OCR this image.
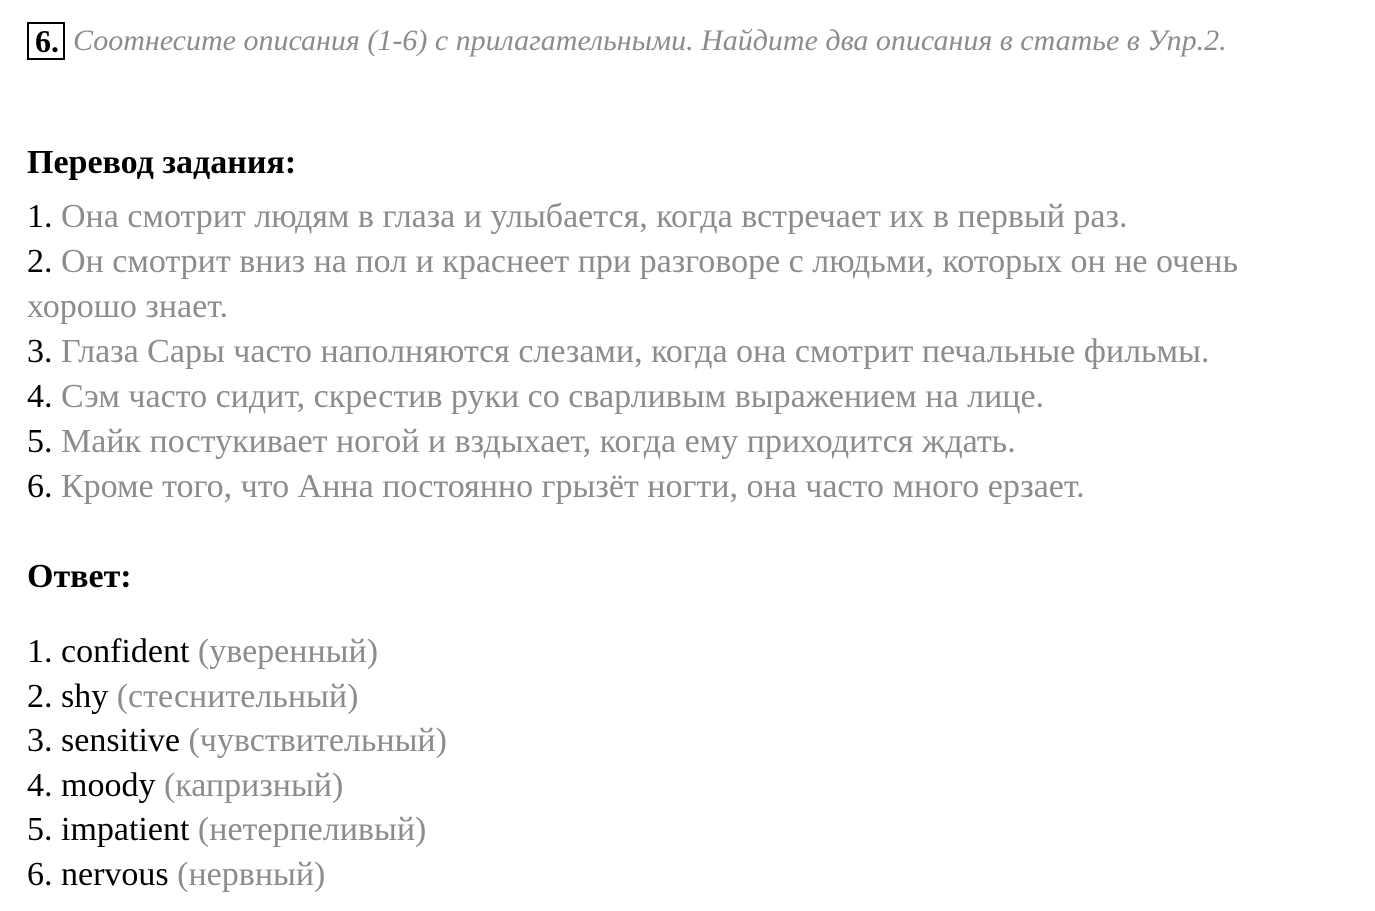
6. Соотнесите описания (1-6) с прилагательными. Найдите два описания в статье в Упр.2.
Перевод задания:
1. Она смотрит людям в глаза и улыбается, когда встречает их в первый раз.
2. Он смотрит вниз на пол и краснеет при разговоре с людьми, которых он не очень хорошо знает.
3. Глаза Сары часто наполняются слезами, когда она смотрит печальные фильмы.
4. Сэм часто сидит, скрестив руки со сварливым выражением на лице.
5. Майк постукивает ногой и вздыхает, когда ему приходится ждать.
6. Кроме того, что Анна постоянно грызёт ногти, она часто много ерзает.
Ответ:
1. confident (уверенный)
2. shy (стеснительный)
3. sensitive (чувствительный)
4. moody (капризный)
5. impatient (нетерпеливый)
6. nervous (нервный)
